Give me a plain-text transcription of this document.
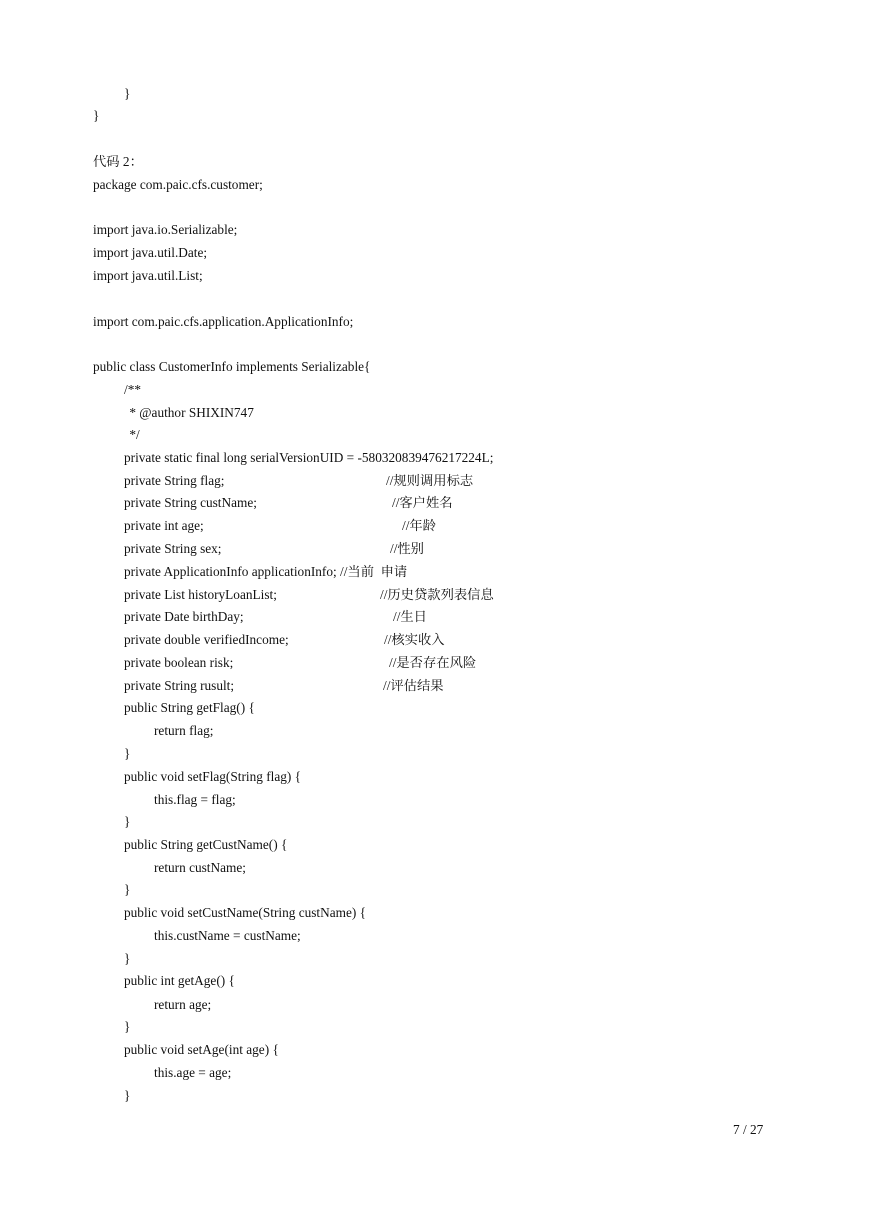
}
}
代码 2：
package com.paic.cfs.customer;
import java.io.Serializable;
import java.util.Date;
import java.util.List;
import com.paic.cfs.application.ApplicationInfo;
public class CustomerInfo implements Serializable{
/**
* @author SHIXIN747
*/
private static final long serialVersionUID = -580320839476217224L;
private String flag;	//规则调用标志
private String custName;	//客户姓名
private int age;	//年龄
private String sex;	//性别
private ApplicationInfo applicationInfo; //当前  申请
private List historyLoanList;	//历史贷款列表信息
private Date birthDay;	//生日
private double verifiedIncome;	//核实收入
private boolean risk;	//是否存在风险
private String rusult;	//评估结果
public String getFlag() {
return flag;
}
public void setFlag(String flag) {
this.flag = flag;
}
public String getCustName() {
return custName;
}
public void setCustName(String custName) {
this.custName = custName;
}
public int getAge() {
return age;
}
public void setAge(int age) {
this.age = age;
}
7 / 27
